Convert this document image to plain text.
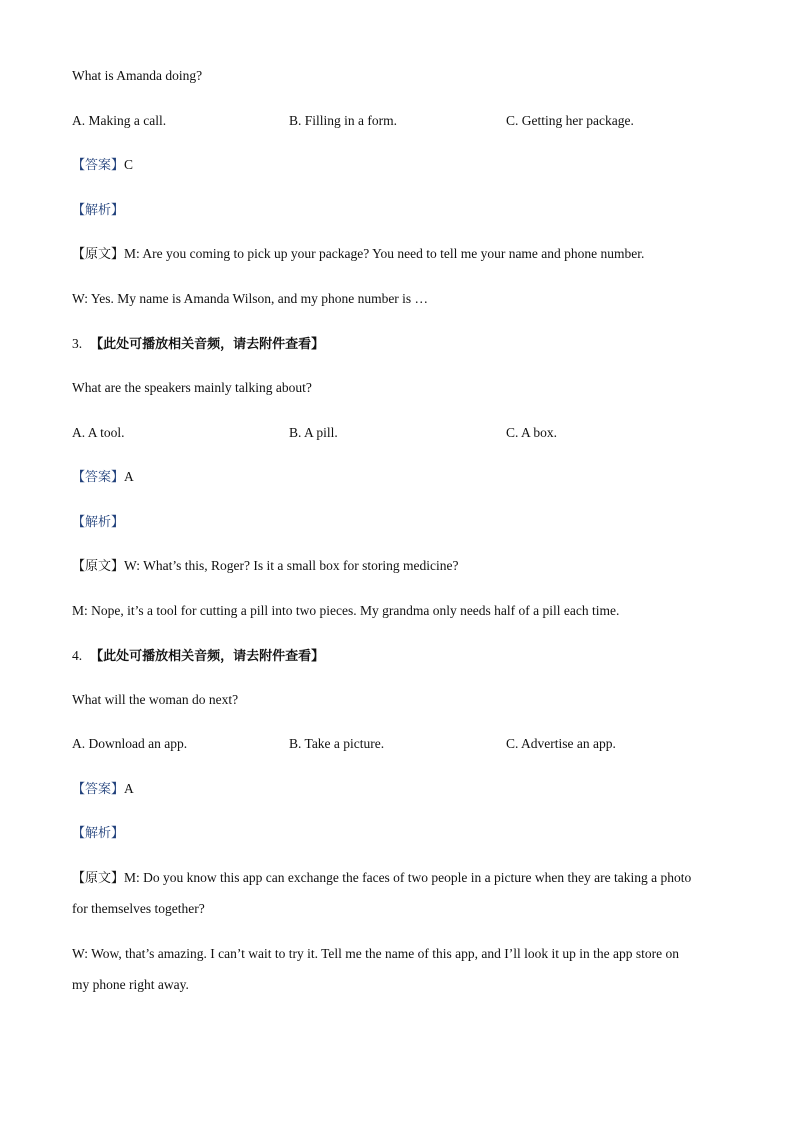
What is Amanda doing?
A. Making a call.	B. Filling in a form.	C. Getting her package.
【答案】C
【解析】
【原文】M: Are you coming to pick up your package? You need to tell me your name and phone number.
W: Yes. My name is Amanda Wilson, and my phone number is …
3. 【此处可播放相关音频，请去附件查看】
What are the speakers mainly talking about?
A. A tool.	B. A pill.	C. A box.
【答案】A
【解析】
【原文】W: What’s this, Roger? Is it a small box for storing medicine?
M: Nope, it’s a tool for cutting a pill into two pieces. My grandma only needs half of a pill each time.
4. 【此处可播放相关音频，请去附件查看】
What will the woman do next?
A. Download an app.	B. Take a picture.	C. Advertise an app.
【答案】A
【解析】
【原文】M: Do you know this app can exchange the faces of two people in a picture when they are taking a photo
for themselves together?
W: Wow, that’s amazing. I can’t wait to try it. Tell me the name of this app, and I’ll look it up in the app store on
my phone right away.
